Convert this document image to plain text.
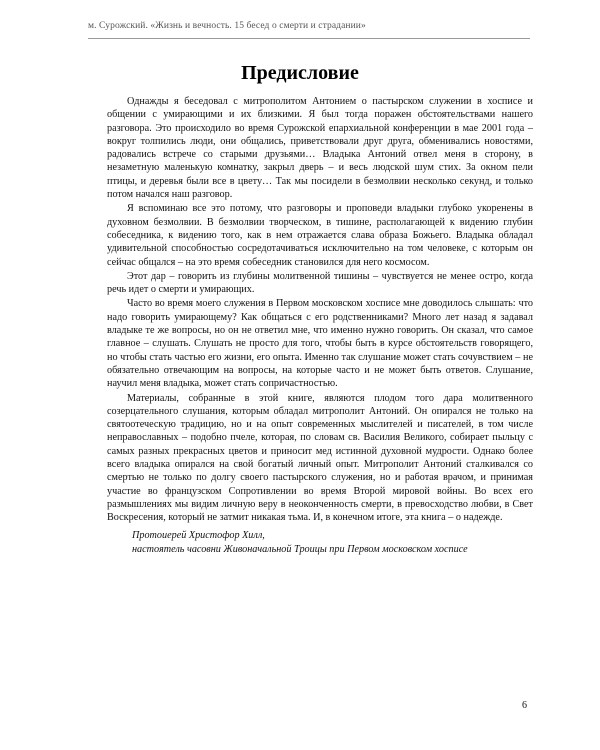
м. Сурожский. «Жизнь и вечность. 15 бесед о смерти и страдании»
Предисловие

Однажды я беседовал с митрополитом Антонием о пастырском служении в хосписе и общении с умирающими и их близкими. Я был тогда поражен обстоятельствами нашего разговора. Это происходило во время Сурожской епархиальной конференции в мае 2001 года – вокруг толпились люди, они общались, приветствовали друг друга, обменивались новостями, радовались встрече со старыми друзьями… Владыка Антоний отвел меня в сторону, в незаметную маленькую комнатку, закрыл дверь – и весь людской шум стих. За окном пели птицы, и деревья были все в цвету… Так мы посидели в безмолвии несколько секунд, и только потом начался наш разговор.

Я вспоминаю все это потому, что разговоры и проповеди владыки глубоко укоренены в духовном безмолвии. В безмолвии творческом, в тишине, располагающей к видению глубин собеседника, к видению того, как в нем отражается слава образа Божьего. Владыка обладал удивительной способностью сосредотачиваться исключительно на том человеке, с которым он сейчас общался – на это время собеседник становился для него космосом.

Этот дар – говорить из глубины молитвенной тишины – чувствуется не менее остро, когда речь идет о смерти и умирающих.

Часто во время моего служения в Первом московском хосписе мне доводилось слышать: что надо говорить умирающему? Как общаться с его родственниками? Много лет назад я задавал владыке те же вопросы, но он не ответил мне, что именно нужно говорить. Он сказал, что самое главное – слушать. Слушать не просто для того, чтобы быть в курсе обстоятельств говорящего, но чтобы стать частью его жизни, его опыта. Именно так слушание может стать сочувствием – не обязательно отвечающим на вопросы, на которые часто и не может быть ответов. Слушание, научил меня владыка, может стать сопричастностью.

Материалы, собранные в этой книге, являются плодом того дара молитвенного созерцательного слушания, которым обладал митрополит Антоний. Он опирался не только на святоотеческую традицию, но и на опыт современных мыслителей и писателей, в том числе неправославных – подобно пчеле, которая, по словам св. Василия Великого, собирает пыльцу с самых разных прекрасных цветов и приносит мед истинной духовной мудрости. Однако более всего владыка опирался на свой богатый личный опыт. Митрополит Антоний сталкивался со смертью не только по долгу своего пастырского служения, но и работая врачом, и принимая участие во французском Сопротивлении во время Второй мировой войны. Во всех его размышлениях мы видим личную веру в неоконченность смерти, в превосходство любви, в Свет Воскресения, который не затмит никакая тьма. И, в конечном итоге, эта книга – о надежде.

Протоиерей Христофор Хилл,
настоятель часовни Живоначальной Троицы при Первом московском хосписе
6
